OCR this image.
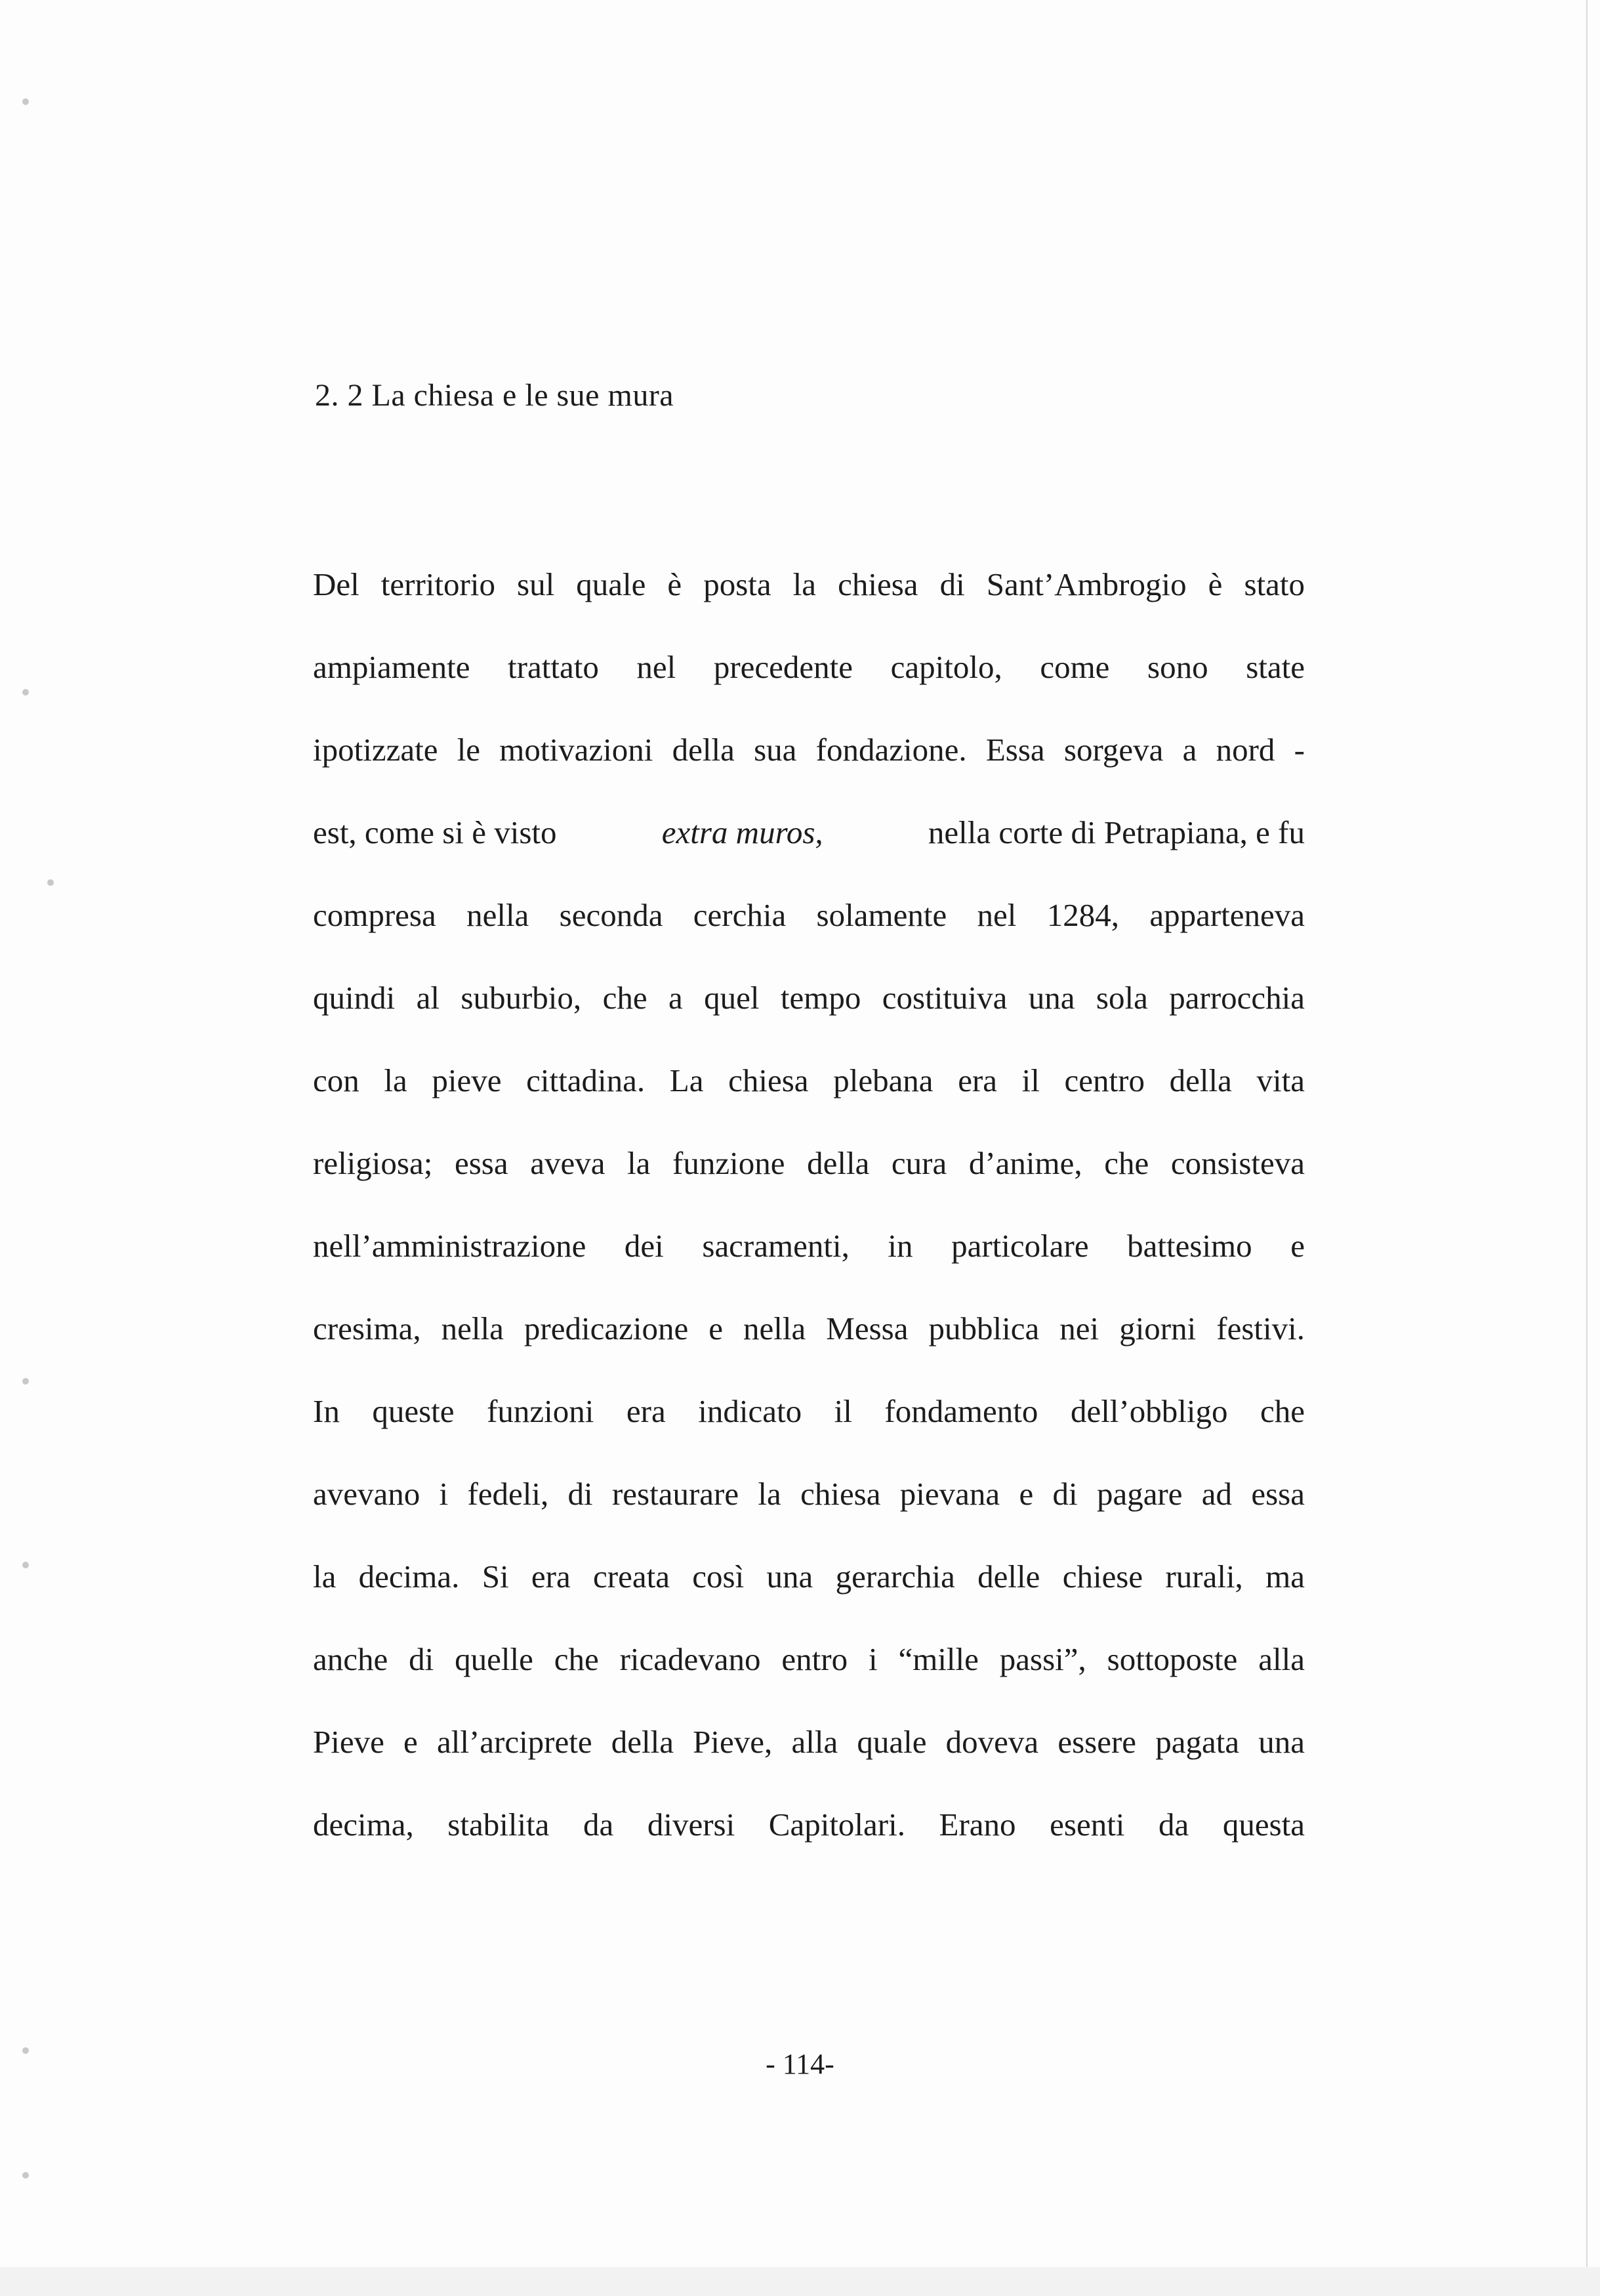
2. 2 La chiesa e le sue mura
Del territorio sul quale è posta la chiesa di Sant’Ambrogio è stato
ampiamente trattato nel precedente capitolo, come sono state
ipotizzate le motivazioni della sua fondazione. Essa sorgeva a nord -
est, come si è visto	extra muros,	nella corte di Petrapiana, e fu
compresa nella seconda cerchia solamente nel 1284, apparteneva
quindi al suburbio, che a quel tempo costituiva una sola parrocchia
con la pieve cittadina. La chiesa plebana era il centro della vita
religiosa; essa aveva la funzione della cura d’anime, che consisteva
nell’amministrazione dei sacramenti, in particolare battesimo e
cresima, nella predicazione e nella Messa pubblica nei giorni festivi.
In queste funzioni era indicato il fondamento dell’obbligo che
avevano i fedeli, di restaurare la chiesa pievana e di pagare ad essa
la decima. Si era creata così una gerarchia delle chiese rurali, ma
anche di quelle che ricadevano entro i “mille passi”, sottoposte alla
Pieve e all’arciprete della Pieve, alla quale doveva essere pagata una
decima, stabilita da diversi Capitolari. Erano esenti da questa
- 114-
